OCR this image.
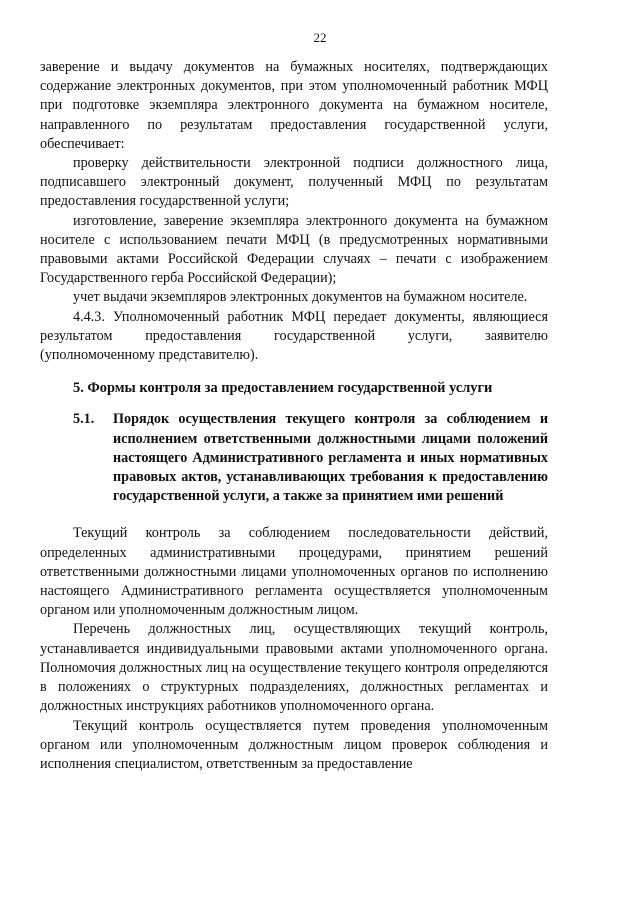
22

заверение и выдачу документов на бумажных носителях, подтверждающих содержание электронных документов, при этом уполномоченный работник МФЦ при подготовке экземпляра электронного документа на бумажном носителе, направленного по результатам предоставления государственной услуги, обеспечивает:

проверку действительности электронной подписи должностного лица, подписавшего электронный документ, полученный МФЦ по результатам предоставления государственной услуги;

изготовление, заверение экземпляра электронного документа на бумажном носителе с использованием печати МФЦ (в предусмотренных нормативными правовыми актами Российской Федерации случаях – печати с изображением Государственного герба Российской Федерации);

учет выдачи экземпляров электронных документов на бумажном носителе.

4.4.3. Уполномоченный работник МФЦ передает документы, являющиеся результатом предоставления государственной услуги, заявителю (уполномоченному представителю).

5. Формы контроля за предоставлением государственной услуги

5.1.	Порядок осуществления текущего контроля за соблюдением и исполнением ответственными должностными лицами положений настоящего Административного регламента и иных нормативных правовых актов, устанавливающих требования к предоставлению государственной услуги, а также за принятием ими решений

Текущий контроль за соблюдением последовательности действий, определенных административными процедурами, принятием решений ответственными должностными лицами уполномоченных органов по исполнению настоящего Административного регламента осуществляется уполномоченным органом или уполномоченным должностным лицом.

Перечень должностных лиц, осуществляющих текущий контроль, устанавливается индивидуальными правовыми актами уполномоченного органа. Полномочия должностных лиц на осуществление текущего контроля определяются в положениях о структурных подразделениях, должностных регламентах и должностных инструкциях работников уполномоченного органа.

Текущий контроль осуществляется путем проведения уполномоченным органом или уполномоченным должностным лицом проверок соблюдения и исполнения специалистом, ответственным за предоставление
